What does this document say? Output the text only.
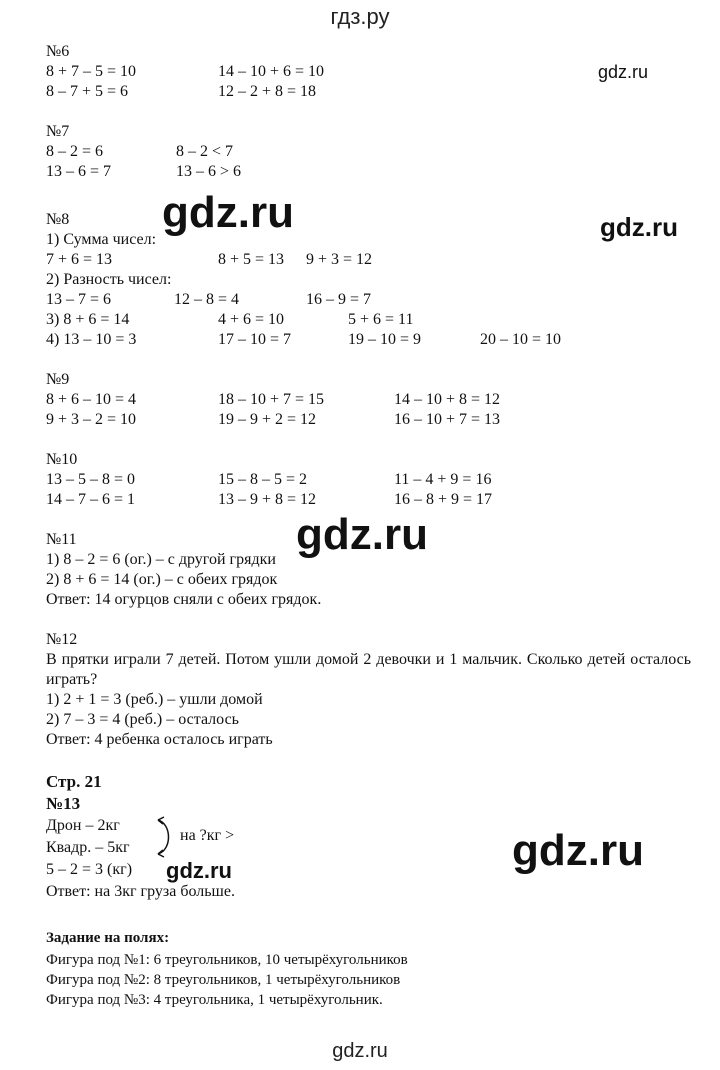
гдз.ру
gdz.ru
gdz.ru	gdz.ru
gdz.ru
gdz.ru
№6
8 + 7 – 5 = 10	14 – 10 + 6 = 10
8 – 7 + 5 = 6	12 – 2 + 8 = 18
№7
8 – 2 = 6	8 – 2 < 7
13 – 6 = 7	13 – 6 > 6
№8
1) Сумма чисел:
7 + 6 = 13	8 + 5 = 13 9 + 3 = 12
2) Разность чисел:
13 – 7 = 6	12 – 8 = 4	16 – 9 = 7
3) 8 + 6 = 14	4 + 6 = 10	5 + 6 = 11
4) 13 – 10 = 3	17 – 10 = 7	19 – 10 = 9	20 – 10 = 10
№9
8 + 6 – 10 = 4	18 – 10 + 7 = 15	14 – 10 + 8 = 12
9 + 3 – 2 = 10	19 – 9 + 2 = 12	16 – 10 + 7 = 13
№10
13 – 5 – 8 = 0	15 – 8 – 5 = 2	11 – 4 + 9 = 16
14 – 7 – 6 = 1	13 – 9 + 8 = 12	16 – 8 + 9 = 17
№11
1) 8 – 2 = 6 (ог.) – с другой грядки
2) 8 + 6 = 14 (ог.) – с обеих грядок
Ответ: 14 огурцов сняли с обеих грядок.
№12
В прятки играли 7 детей. Потом ушли домой 2 девочки и 1 мальчик. Сколько детей осталось играть?
1) 2 + 1 = 3 (реб.) – ушли домой
2) 7 – 3 = 4 (реб.) – осталось
Ответ: 4 ребенка осталось играть
Стр. 21
№13
Дрон – 2кг
Квадр. – 5кг
на ?кг >
5 – 2 = 3 (кг) gdz.ru
Ответ: на 3кг груза больше.
Задание на полях:
Фигура под №1: 6 треугольников, 10 четырёхугольников
Фигура под №2: 8 треугольников, 1 четырёхугольников
Фигура под №3: 4 треугольника, 1 четырёхугольник.
gdz.ru
